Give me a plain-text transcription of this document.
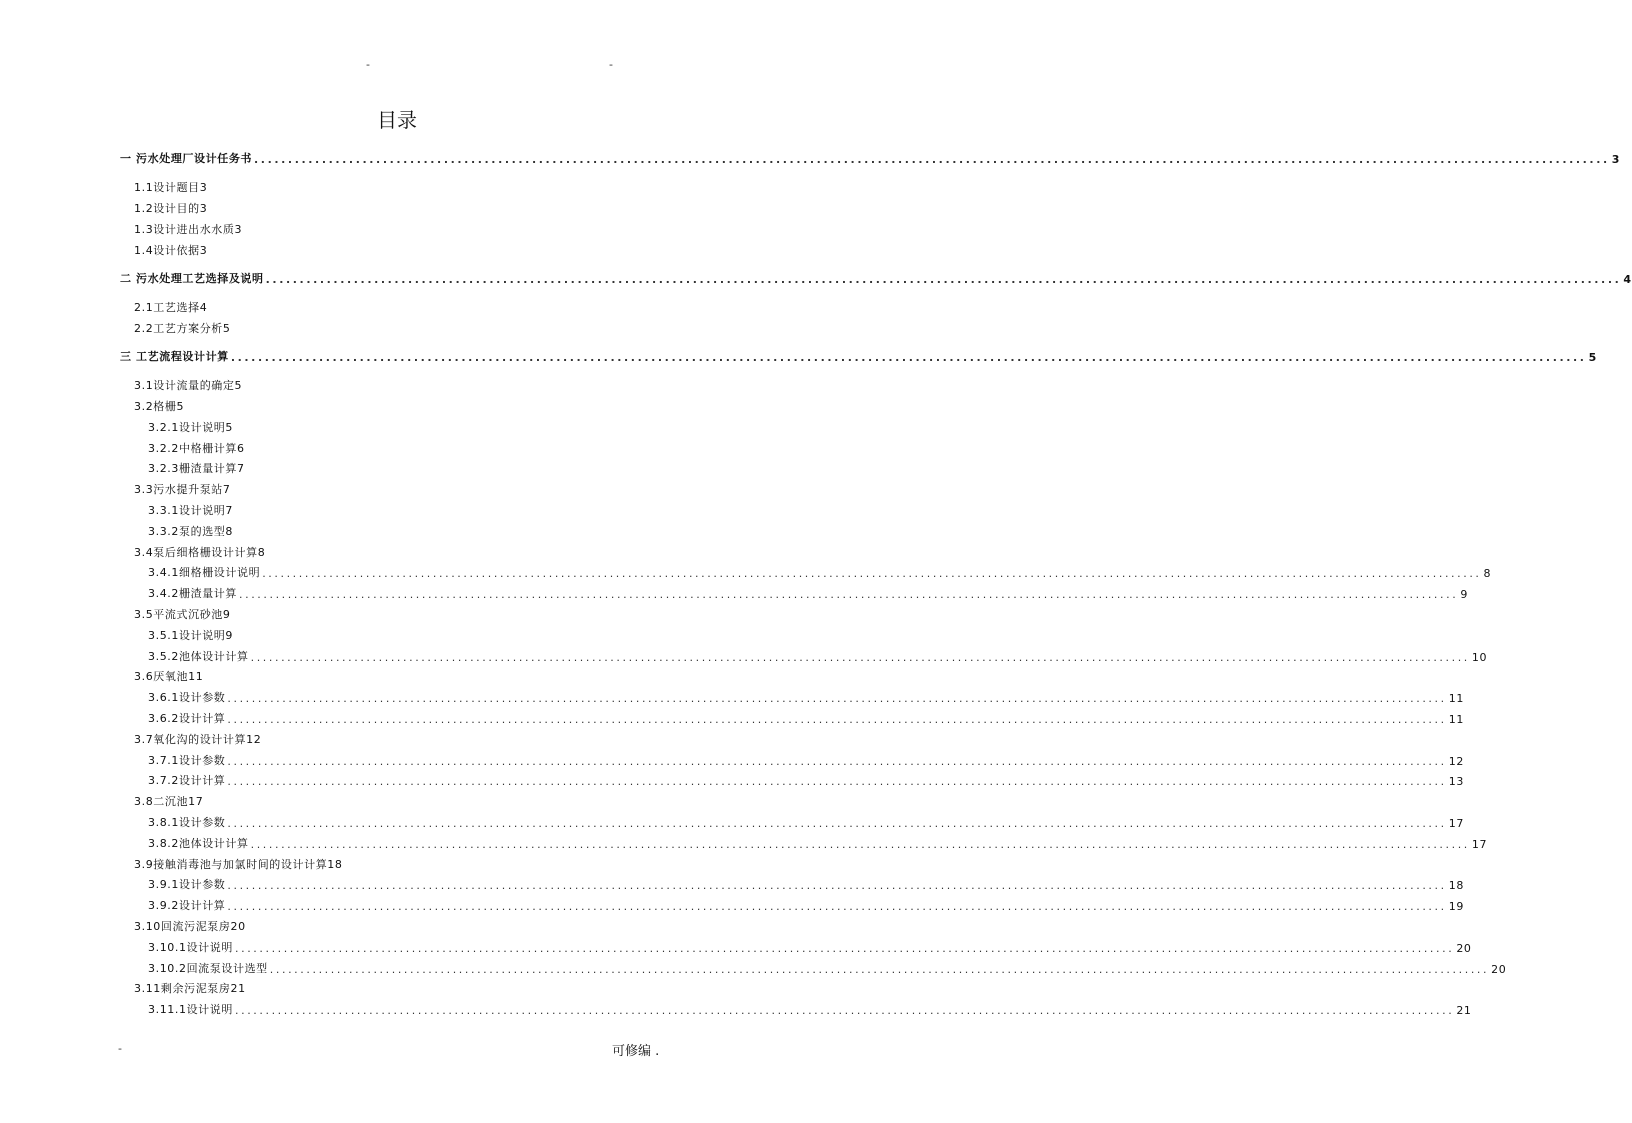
-	-
目录
一 污水处理厂设计任务书 ........................................................................................................................................................................................................ 3
1.1设计题目3
1.2设计目的3
1.3设计进出水水质3
1.4设计依据3
二 污水处理工艺选择及说明 ........................................................................................................................................................................................................ 4
2.1工艺选择4
2.2工艺方案分析5
三 工艺流程设计计算 ........................................................................................................................................................................................................ 5
3.1设计流量的确定5
3.2格栅5
3.2.1设计说明5
3.2.2中格栅计算6
3.2.3栅渣量计算7
3.3污水提升泵站7
3.3.1设计说明7
3.3.2泵的选型8
3.4泵后细格栅设计计算8
3.4.1细格栅设计说明 ........................................................................................................................................................................................................ 8
3.4.2栅渣量计算 ........................................................................................................................................................................................................ 9
3.5平流式沉砂池9
3.5.1设计说明9
3.5.2池体设计计算 ........................................................................................................................................................................................................ 10
3.6厌氧池11
3.6.1设计参数 ........................................................................................................................................................................................................ 11
3.6.2设计计算 ........................................................................................................................................................................................................ 11
3.7氧化沟的设计计算12
3.7.1设计参数 ........................................................................................................................................................................................................ 12
3.7.2设计计算 ........................................................................................................................................................................................................ 13
3.8二沉池17
3.8.1设计参数 ........................................................................................................................................................................................................ 17
3.8.2池体设计计算 ........................................................................................................................................................................................................ 17
3.9接触消毒池与加氯时间的设计计算18
3.9.1设计参数 ........................................................................................................................................................................................................ 18
3.9.2设计计算 ........................................................................................................................................................................................................ 19
3.10回流污泥泵房20
3.10.1设计说明 ........................................................................................................................................................................................................ 20
3.10.2回流泵设计选型 ........................................................................................................................................................................................................ 20
3.11剩余污泥泵房21
3.11.1设计说明 ........................................................................................................................................................................................................ 21
-	可修编 .
